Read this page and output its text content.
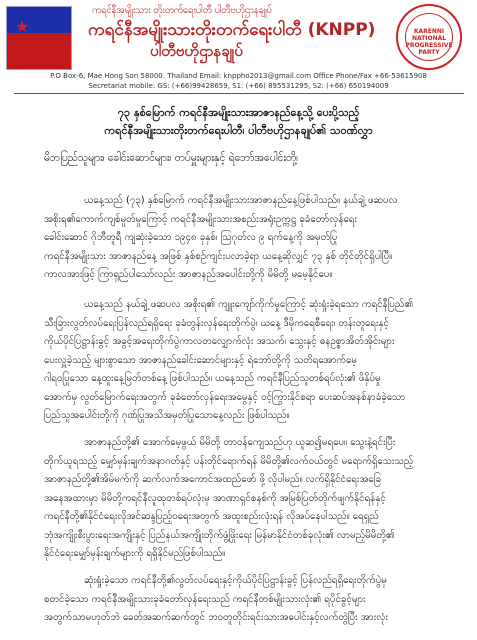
★
ကရင်နီအမျိုးသား တိုးတက်ရေးပါတီ ပါတီဗဟိုဌာနချုပ်
ကရင်နီအမျိုးသားတိုးတက်ရေးပါတီ (KNPP)
ပါတီဗဟိုဌာနချုပ်
KARENNI NATIONAL PROGRESSIVE PARTY
P.O Box-6, Mae Hong Son 58000. Thailand Email: knppho2013@gmail.com Office Phone/Fax +66-53615908
Secretariat mobile: GS: (+66)99428659, S1: (+66) 895531295, S2: (+66) 650194009
၇၃ နှစ်မြောက် ကရင်နီအမျိုးသားအာဇာနည်နေ့သို့ ပေးပို့သည့်
ကရင်နီအမျိုးသားတိုးတက်ရေးပါတီ၊ ပါတီဗဟိုဌာနချုပ်၏ သဝဏ်လွှာ
မိဘပြည်သူများ၊ ခေါင်းဆောင်များ၊ တပ်မှူးများနှင့် ရဲဘော်အပေါင်းတို့၊
ယနေ့သည် (၇၃) နှစ်မြောက် ကရင်နီအမျိုးသားအာဇာနည်နေ့ဖြစ်ပါသည်။ နယ်ချဲ့ ဖဆပလ
အစိုးရ၏ကောက်ကျစ်မှုတ်မှုကြောင့် ကရင်နီအမျိုးသားအစည်းအရုံးဥက္ကဋ္ဌ ခုခံတော်လှန်ရေး
ခေါင်းဆောင် ဂိုဘီတူရီ ကျဆုံးခဲ့သော ၁၉၄၈ ခုနှစ်၊ ဩဂုတ်လ ၉ ရက်နေ့ကို အမှတ်ပြု
ကရင်နီအမျိုးသား အာဇာနည်နေ့ အဖြစ် နှစ်စဉ်ကျင်းပလာခဲ့ရာ ယနေ့ဆိုလျှင် ၇၃ နှစ် တိုင်တိုင်ရှိပါပြီ။
ကာလအားဖြင့် ကြာရှည်ပါသော်လည်း အာဇာနည်အပေါင်းတို့ကို မိမိတို့ မမေ့နိုင်ပေ။
ယနေ့သည် နယ်ချဲ့ ဖဆပလ အစိုးရ၏ ကျူးကျော်ကိုက်မှုကြောင့် ဆုံးရှုံးခဲ့ရသော ကရင်နီပြည်၏
သီးခြားလွတ်လပ်ရေးပြန်လည်ရရှိရေး ခုခံတွန်းလှန်ရေးတိုက်ပွဲ၊ ယနေ့ ဒီမိုကရေစီရေး၊ တန်းတူရေးနှင့်
ကိုယ်ပိုင်ပြဋ္ဌာန်းခွင့် အခွင့်အရေးတိုက်ပွဲကာလတလျှောက်လုံး အသက်၊ သွေးနှင့် ဓနဥစ္စာအိတ်အိုင်းများ
ပေးလှူခဲ့သည့် များစွာသော အာဇာနည်ခေါင်းဆောင်များနှင့် ရဲဘော်တို့ကို သတိရအောက်မေ့
ဂါရဝပြုသော နေ့ထူးနေ့မြတ်တစ်နေ့ ဖြစ်ပါသည်။ ယနေ့သည် ကရင်နီပြည်သူတစ်ရပ်လုံး၏ ဖိနှိပ်မှု
အောက်မှ လွတ်မြောက်ရေးအတွက် ခုခံတော်လှန်ရေးအမွေနှင့် ဝင့်ကြွားနိုင်စရာ ပေးဆပ်အနစ်နာခံခဲ့သော
ပြည်သူအပေါင်းတို့ကို ဂုဏ်ပြုအသိအမှတ်ပြုသောနေ့လည်း ဖြစ်ပါသည်။
အာဇာနည်တို့၏ အောက်မေ့ဖွယ် မိမိတို့ တာဝန်ကျေသည်ဟု ယူဆ၍မရပေ။ သွေးနဲ့ရင်းပြီး
တိုက်ယူရသည့် မျှော်မှန်းချက်အနာဂတ်နှင့် ပန်းတိုင်ရောက်ရန် မိမိတို့၏လက်ဝယ်တွင် မရောက်ရှိသေးသည့်
အာဇာနည်တို့၏အိမ်မက်ကို ဆက်လက်အကောင်အထည်ဖော် ဖို့ လိုပါမည်။ လက်ရှိနိုင်ငံရေးအခြေ
အနေအထားမှာ မိမိတို့ကရင်နီလူထုတစ်ရပ်လုံးမှ အာဏာရှင်စနစ်ကို အမြစ်ပြတ်တိုက်ဖျက်နိုင်ရန်နှင့်
ကရင်နီတို့၏နိုင်ငံရေးလိုအင်ဆန္ဒပြည့်ဝရေးအတွက် အထူးစည်းလုံးရန် လိုအပ်နေပါသည်။ ရေရှည်
ဘုံအကျိုးစီးပွားရေးအကျိုးနှင့် ပြည်နယ်အကျိုးတိုက်ဖွံ့ဖြိုးရေး မြန်မာနိုင်ငံတစ်ခုလုံး၏ လာမည့်မိမိတို့၏
နိုင်ငံရေးမျှော်မှန်းချက်များကို ရရှိနိုင်မည်ဖြစ်ပါသည်။
ဆုံးရှုံးခဲ့သော ကရင်နီတို့၏လွတ်လပ်ရေးနှင့်ကိုယ်ပိုင်ပြဋ္ဌာန်းခွင့် ပြန်လည်ရရှိရေးတိုက်ပွဲမှ
စတင်ခဲ့သော ကရင်နီအမျိုးသားခုခံတော်လှန်ရေးသည် ကရင်နီတစ်မျိုးသားလုံး၏ ရပိုင်ခွင့်များ
အတွက်သာမဟုတ်ဘဲ ခေတ်အဆက်ဆက်တွင် ဘဝတူတိုင်းရင်းသားအပေါင်းနှင့်လက်တွဲပြီး အားလုံး
